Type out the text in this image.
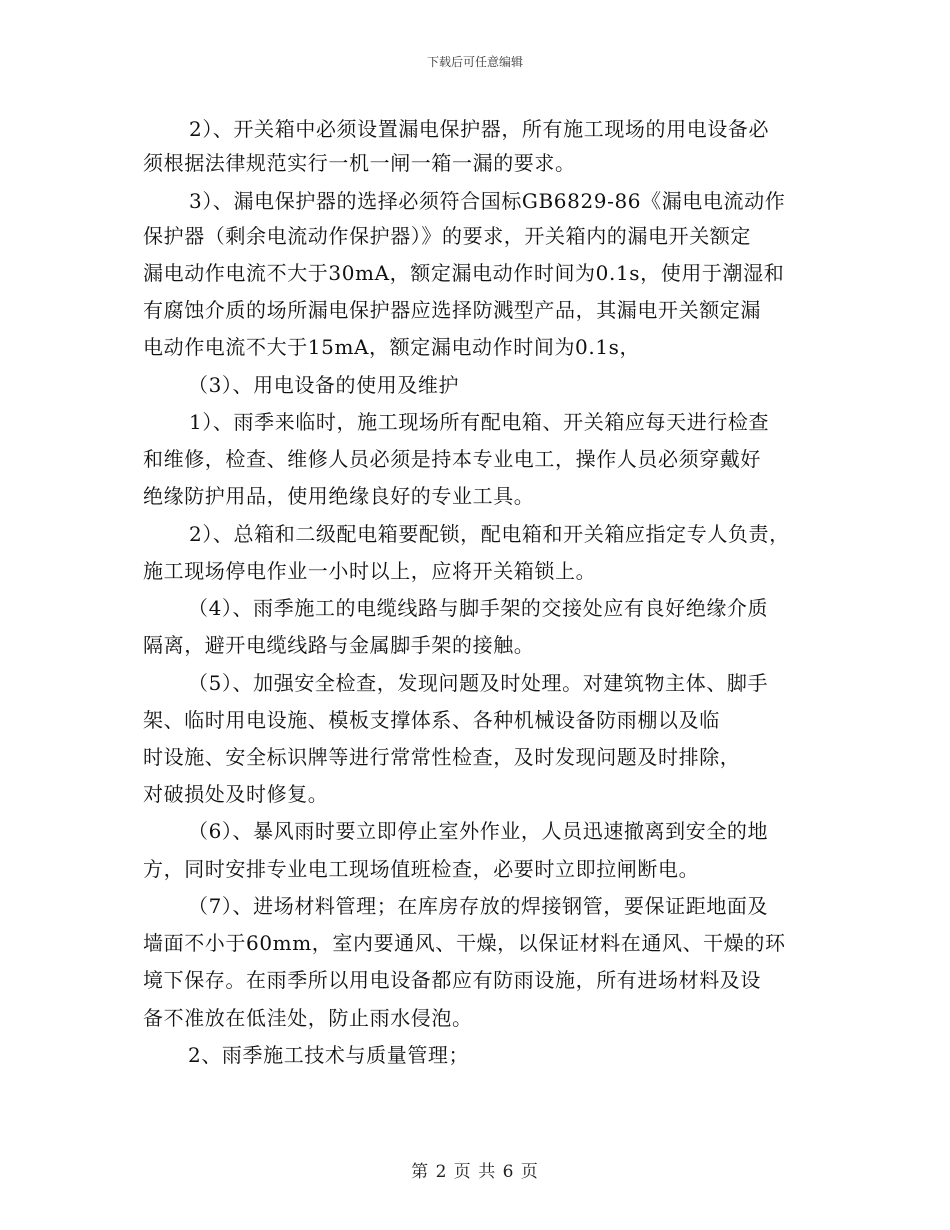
下载后可任意编辑
2）、开关箱中必须设置漏电保护器，所有施工现场的用电设备必
须根据法律规范实行一机一闸一箱一漏的要求。
3）、漏电保护器的选择必须符合国标GB6829-86《漏电电流动作
保护器（剩余电流动作保护器）》的要求，开关箱内的漏电开关额定
漏电动作电流不大于30mA，额定漏电动作时间为0.1s，使用于潮湿和
有腐蚀介质的场所漏电保护器应选择防溅型产品，其漏电开关额定漏
电动作电流不大于15mA，额定漏电动作时间为0.1s，
（3）、用电设备的使用及维护
1）、雨季来临时，施工现场所有配电箱、开关箱应每天进行检查
和维修，检查、维修人员必须是持本专业电工，操作人员必须穿戴好
绝缘防护用品，使用绝缘良好的专业工具。
2）、总箱和二级配电箱要配锁，配电箱和开关箱应指定专人负责，
施工现场停电作业一小时以上，应将开关箱锁上。
（4）、雨季施工的电缆线路与脚手架的交接处应有良好绝缘介质
隔离，避开电缆线路与金属脚手架的接触。
（5）、加强安全检查，发现问题及时处理。对建筑物主体、脚手
架、临时用电设施、模板支撑体系、各种机械设备防雨棚以及临
时设施、安全标识牌等进行常常性检查，及时发现问题及时排除，
对破损处及时修复。
（6）、暴风雨时要立即停止室外作业，人员迅速撤离到安全的地
方，同时安排专业电工现场值班检查，必要时立即拉闸断电。
（7）、进场材料管理；在库房存放的焊接钢管，要保证距地面及
墙面不小于60mm，室内要通风、干燥，以保证材料在通风、干燥的环
境下保存。在雨季所以用电设备都应有防雨设施，所有进场材料及设
备不准放在低洼处，防止雨水侵泡。
2、雨季施工技术与质量管理；
第 2 页 共 6 页
